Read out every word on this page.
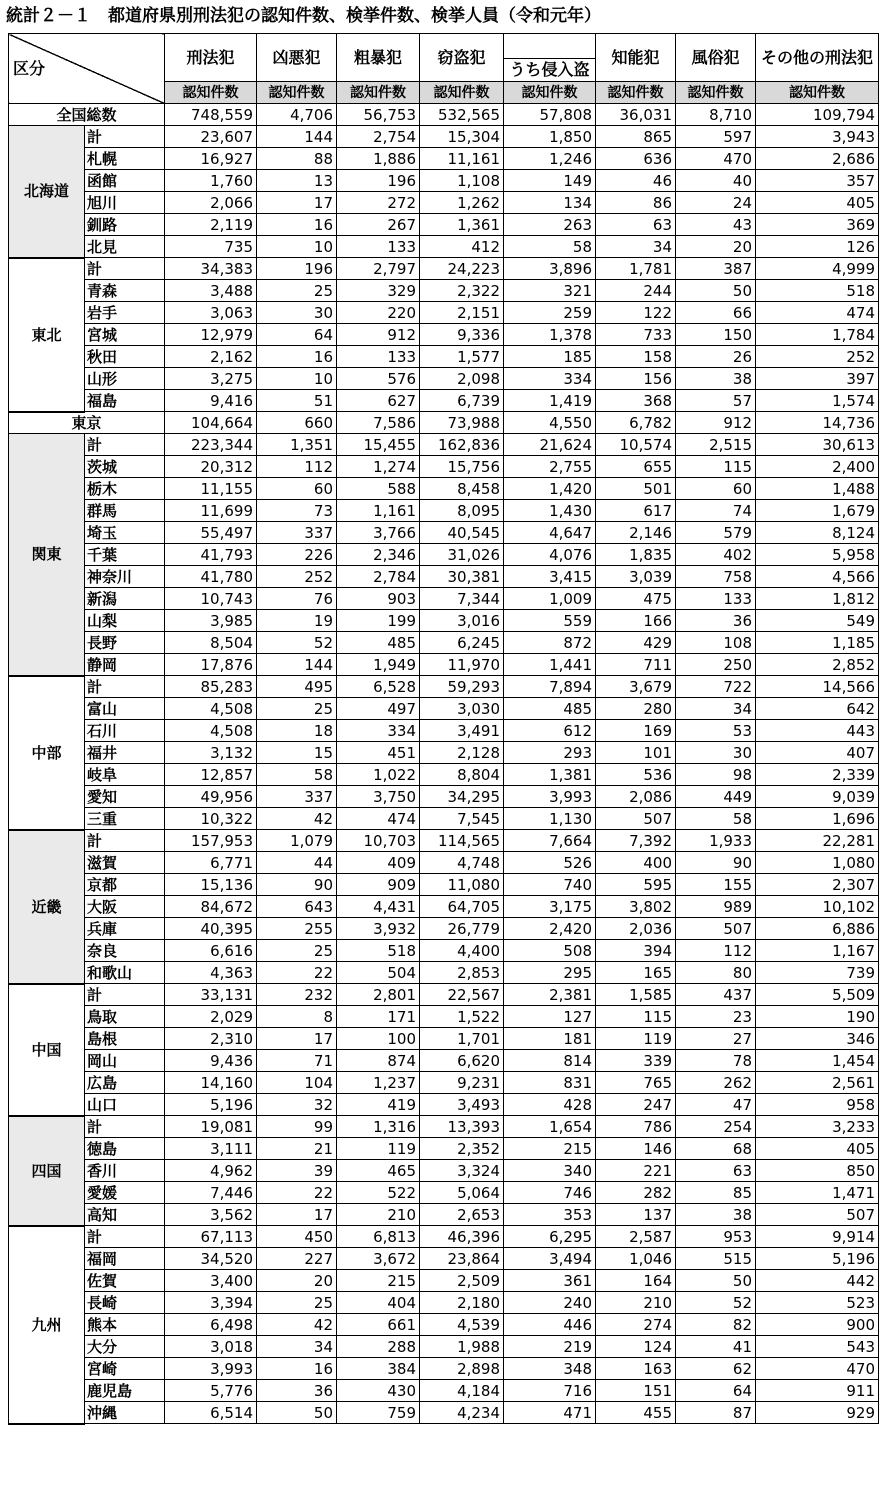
統計２－１　都道府県別刑法犯の認知件数、検挙件数、検挙人員（令和元年）
区分		刑法犯	凶悪犯	粗暴犯	窃盗犯	うち侵入盗	知能犯	風俗犯	その他の刑法犯
		認知件数	認知件数	認知件数	認知件数	認知件数	認知件数	認知件数	認知件数
全国総数		748,559	4,706	56,753	532,565	57,808	36,031	8,710	109,794
北海道	計	23,607	144	2,754	15,304	1,850	865	597	3,943
	札幌	16,927	88	1,886	11,161	1,246	636	470	2,686
	函館	1,760	13	196	1,108	149	46	40	357
	旭川	2,066	17	272	1,262	134	86	24	405
	釧路	2,119	16	267	1,361	263	63	43	369
	北見	735	10	133	412	58	34	20	126
東北	計	34,383	196	2,797	24,223	3,896	1,781	387	4,999
	青森	3,488	25	329	2,322	321	244	50	518
	岩手	3,063	30	220	2,151	259	122	66	474
	宮城	12,979	64	912	9,336	1,378	733	150	1,784
	秋田	2,162	16	133	1,577	185	158	26	252
	山形	3,275	10	576	2,098	334	156	38	397
	福島	9,416	51	627	6,739	1,419	368	57	1,574
東京		104,664	660	7,586	73,988	4,550	6,782	912	14,736
関東	計	223,344	1,351	15,455	162,836	21,624	10,574	2,515	30,613
	茨城	20,312	112	1,274	15,756	2,755	655	115	2,400
	栃木	11,155	60	588	8,458	1,420	501	60	1,488
	群馬	11,699	73	1,161	8,095	1,430	617	74	1,679
	埼玉	55,497	337	3,766	40,545	4,647	2,146	579	8,124
	千葉	41,793	226	2,346	31,026	4,076	1,835	402	5,958
	神奈川	41,780	252	2,784	30,381	3,415	3,039	758	4,566
	新潟	10,743	76	903	7,344	1,009	475	133	1,812
	山梨	3,985	19	199	3,016	559	166	36	549
	長野	8,504	52	485	6,245	872	429	108	1,185
	静岡	17,876	144	1,949	11,970	1,441	711	250	2,852
中部	計	85,283	495	6,528	59,293	7,894	3,679	722	14,566
	富山	4,508	25	497	3,030	485	280	34	642
	石川	4,508	18	334	3,491	612	169	53	443
	福井	3,132	15	451	2,128	293	101	30	407
	岐阜	12,857	58	1,022	8,804	1,381	536	98	2,339
	愛知	49,956	337	3,750	34,295	3,993	2,086	449	9,039
	三重	10,322	42	474	7,545	1,130	507	58	1,696
近畿	計	157,953	1,079	10,703	114,565	7,664	7,392	1,933	22,281
	滋賀	6,771	44	409	4,748	526	400	90	1,080
	京都	15,136	90	909	11,080	740	595	155	2,307
	大阪	84,672	643	4,431	64,705	3,175	3,802	989	10,102
	兵庫	40,395	255	3,932	26,779	2,420	2,036	507	6,886
	奈良	6,616	25	518	4,400	508	394	112	1,167
	和歌山	4,363	22	504	2,853	295	165	80	739
中国	計	33,131	232	2,801	22,567	2,381	1,585	437	5,509
	鳥取	2,029	8	171	1,522	127	115	23	190
	島根	2,310	17	100	1,701	181	119	27	346
	岡山	9,436	71	874	6,620	814	339	78	1,454
	広島	14,160	104	1,237	9,231	831	765	262	2,561
	山口	5,196	32	419	3,493	428	247	47	958
四国	計	19,081	99	1,316	13,393	1,654	786	254	3,233
	徳島	3,111	21	119	2,352	215	146	68	405
	香川	4,962	39	465	3,324	340	221	63	850
	愛媛	7,446	22	522	5,064	746	282	85	1,471
	高知	3,562	17	210	2,653	353	137	38	507
九州	計	67,113	450	6,813	46,396	6,295	2,587	953	9,914
	福岡	34,520	227	3,672	23,864	3,494	1,046	515	5,196
	佐賀	3,400	20	215	2,509	361	164	50	442
	長崎	3,394	25	404	2,180	240	210	52	523
	熊本	6,498	42	661	4,539	446	274	82	900
	大分	3,018	34	288	1,988	219	124	41	543
	宮崎	3,993	16	384	2,898	348	163	62	470
	鹿児島	5,776	36	430	4,184	716	151	64	911
	沖縄	6,514	50	759	4,234	471	455	87	929
